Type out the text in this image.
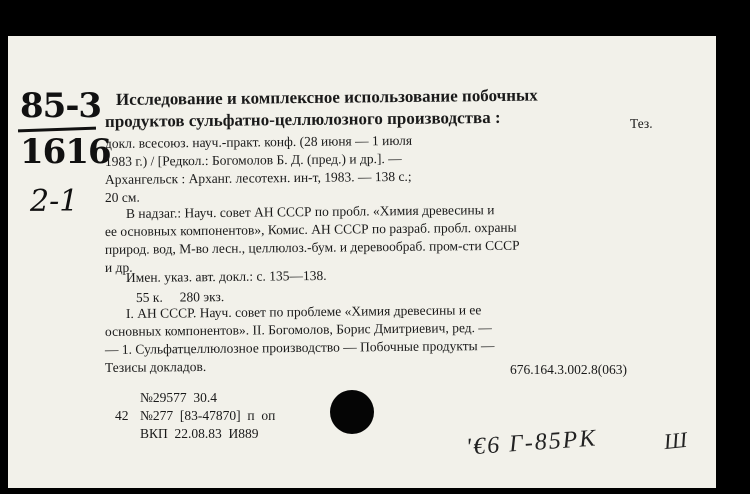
85-3
1616
2-1
Исследование и комплексное использование побочных
продуктов сульфатно-целлюлозного производства :	Тез.
докл. всесоюз. науч.-практ. конф. (28 июня — 1 июля
1983 г.) / [Редкол.: Богомолов Б. Д. (пред.) и др.]. —
Архангельск : Арханг. лесотехн. ин-т, 1983. — 138 с.;
20 см.
В надзаг.: Науч. совет АН СССР по пробл. «Химия древесины и
ее основных компонентов», Комис. АН СССР по разраб. пробл. охраны
природ. вод, М-во лесн., целлюлоз.-бум. и деревообраб. пром-сти СССР
и др.
Имен. указ. авт. докл.: с. 135—138.
55 к.     280 экз.
I. АН СССР. Науч. совет по проблеме «Химия древесины и ее
основных компонентов». II. Богомолов, Борис Дмитриевич, ред. —
— 1. Сульфатцеллюлозное производство — Побочные продукты —
Тезисы докладов.	676.164.3.002.8(063)
№29577  30.4
42 №277  [83-47870]  п  оп
ВКП  22.08.83  И889	'€6 Г-85РК	Ш
